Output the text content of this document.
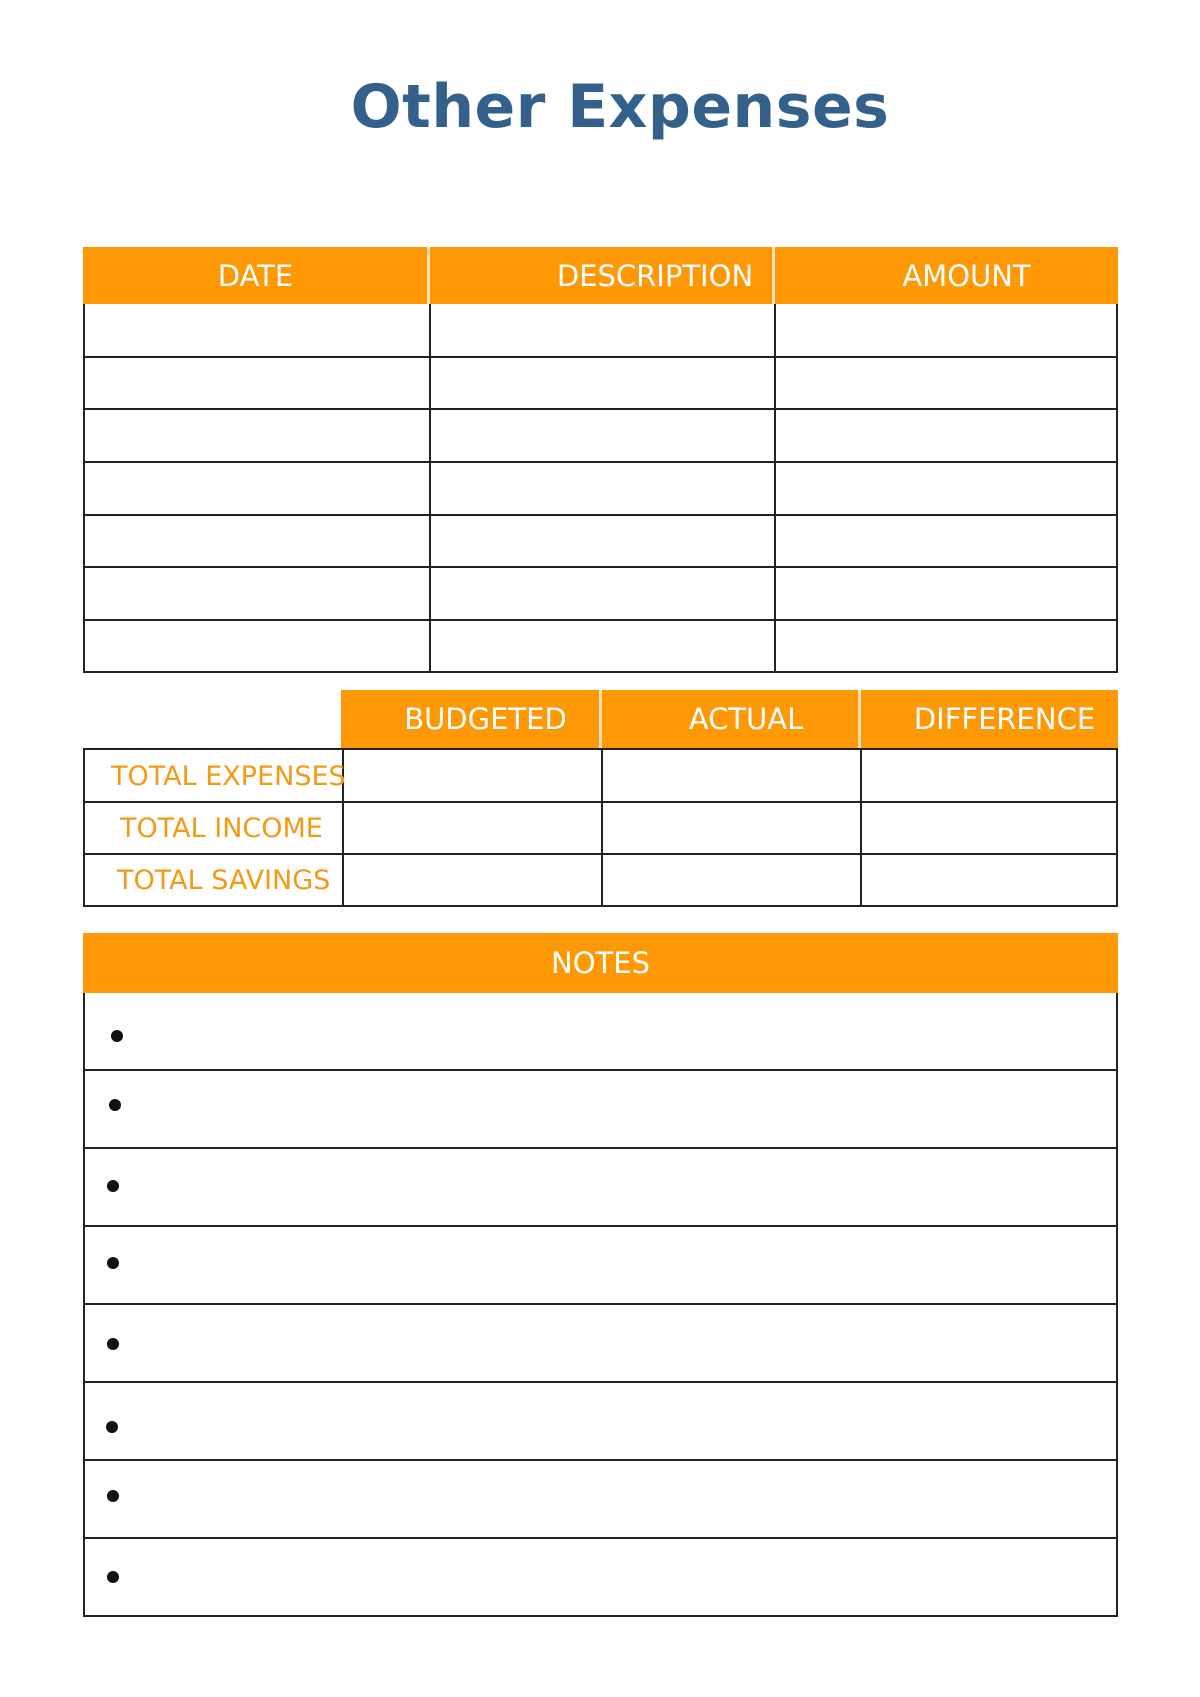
Other Expenses
DATE	DESCRIPTION	AMOUNT
BUDGETED	ACTUAL	DIFFERENCE
TOTAL EXPENSES
TOTAL INCOME
TOTAL SAVINGS
NOTES
